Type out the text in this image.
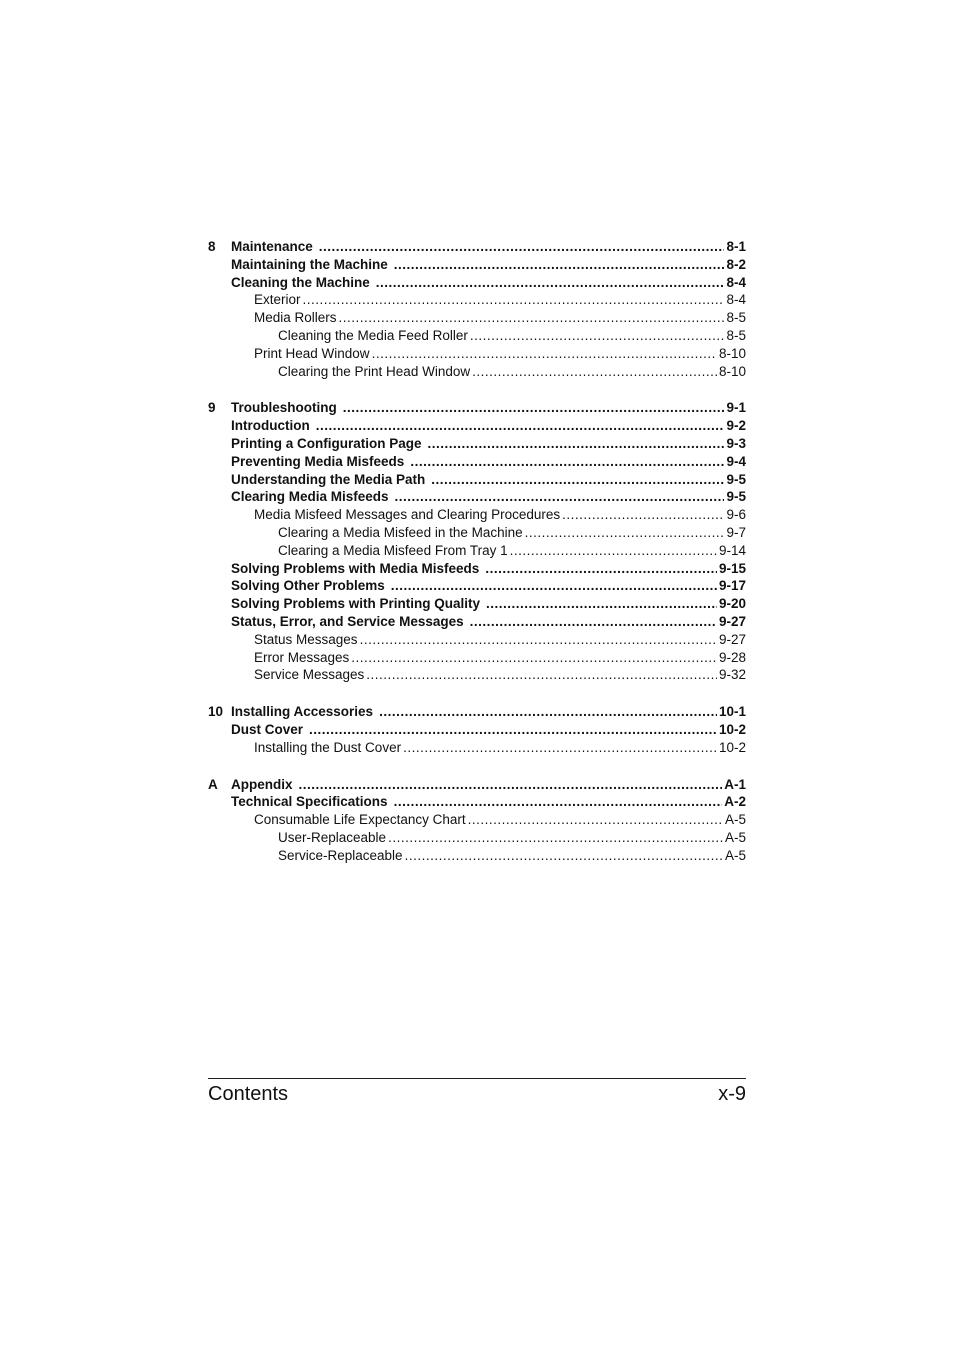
8	Maintenance .....	8-1
Maintaining the Machine .....	8-2
Cleaning the Machine .....	8-4
Exterior .....	8-4
Media Rollers .....	8-5
Cleaning the Media Feed Roller .....	8-5
Print Head Window .....	8-10
Clearing the Print Head Window .....	8-10
9	Troubleshooting .....	9-1
Introduction .....	9-2
Printing a Configuration Page .....	9-3
Preventing Media Misfeeds .....	9-4
Understanding the Media Path .....	9-5
Clearing Media Misfeeds .....	9-5
Media Misfeed Messages and Clearing Procedures .....	9-6
Clearing a Media Misfeed in the Machine .....	9-7
Clearing a Media Misfeed From Tray 1 .....	9-14
Solving Problems with Media Misfeeds .....	9-15
Solving Other Problems .....	9-17
Solving Problems with Printing Quality .....	9-20
Status, Error, and Service Messages .....	9-27
Status Messages .....	9-27
Error Messages .....	9-28
Service Messages .....	9-32
10 Installing Accessories .....	10-1
Dust Cover .....	10-2
Installing the Dust Cover .....	10-2
A Appendix .....	A-1
Technical Specifications .....	A-2
Consumable Life Expectancy Chart .....	A-5
User-Replaceable .....	A-5
Service-Replaceable .....	A-5
Contents	x-9
